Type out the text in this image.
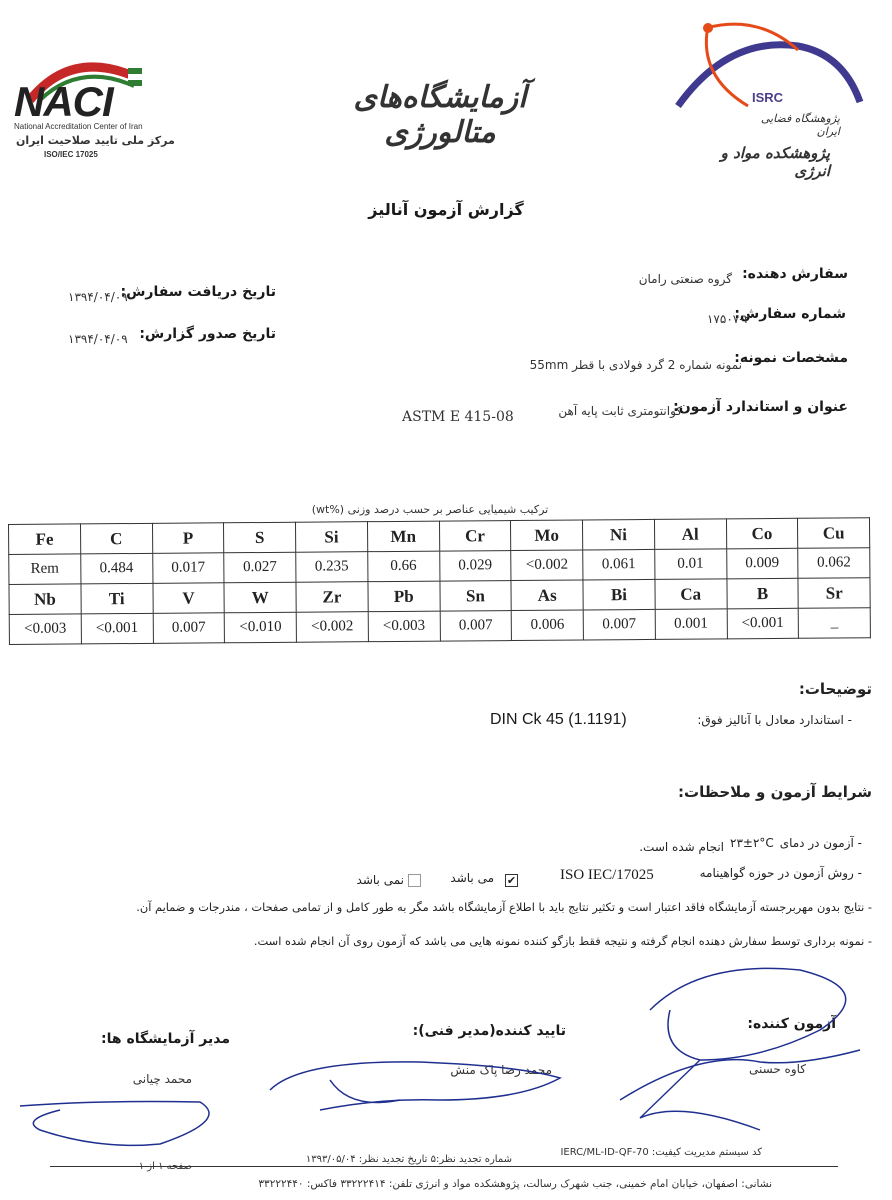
NACI
National Accreditation Center of Iran
مرکز ملی تایید صلاحیت ایران
ISO/IEC 17025
آزمایشگاه‌های متالورژی
ISRC
پژوهشگاه فضایی ایران
پژوهشکده مواد و انرژی
گزارش آزمون آنالیز
سفارش دهنده:
گروه صنعتی رامان
شماره سفارش:
۱۷۵۰۷-۲
مشخصات نمونه:
نمونه شماره 2 گرد فولادی با قطر 55mm
عنوان و استاندارد آزمون:
کوانتومتری ثابت پایه آهن
ASTM E 415-08
تاریخ دریافت سفارش:
۱۳۹۴/۰۴/۰۹
تاریخ صدور گزارش:
۱۳۹۴/۰۴/۰۹
ترکیب شیمیایی عناصر بر حسب درصد وزنی (%wt)
Fe	C	P	S	Si	Mn	Cr	Mo	Ni	Al	Co	Cu
Rem	0.484	0.017	0.027	0.235	0.66	0.029	<0.002	0.061	0.01	0.009	0.062
Nb	Ti	V	W	Zr	Pb	Sn	As	Bi	Ca	B	Sr
<0.003	<0.001	0.007	<0.010	<0.002	<0.003	0.007	0.006	0.007	0.001	<0.001	_
توضیحات:
- استاندارد معادل با آنالیز فوق:
DIN Ck 45 (1.1191)
شرایط آزمون و ملاحظات:
- آزمون در دمای
۲۳±۲°C
انجام شده است.
- روش آزمون در حوزه گواهینامه
ISO IEC/17025
✔
می باشد
نمی باشد
- نتایج بدون مهربرجسته آزمایشگاه فاقد اعتبار است و تکثیر نتایج باید با اطلاع آزمایشگاه باشد مگر به طور کامل و از تمامی صفحات ، مندرجات و ضمایم آن.
- نمونه برداری توسط سفارش دهنده انجام گرفته و نتیجه فقط بازگو کننده نمونه هایی می باشد که آزمون روی آن انجام شده است.
آزمون کننده:
کاوه حسنی
تایید کننده(مدیر فنی):
محمد رضا پاک منش
مدیر آزمایشگاه ها:
محمد چیانی
کد سیستم مدیریت کیفیت: IERC/ML-ID-QF-70
شماره تجدید نظر:۵ تاریخ تجدید نظر: ۱۳۹۳/۰۵/۰۴
صفحه ۱ از ۱
نشانی: اصفهان، خیابان امام خمینی، جنب شهرک رسالت، پژوهشکده مواد و انرژی تلفن: ۳۳۲۲۲۴۱۴ فاکس: ۳۳۲۲۲۴۴۰
